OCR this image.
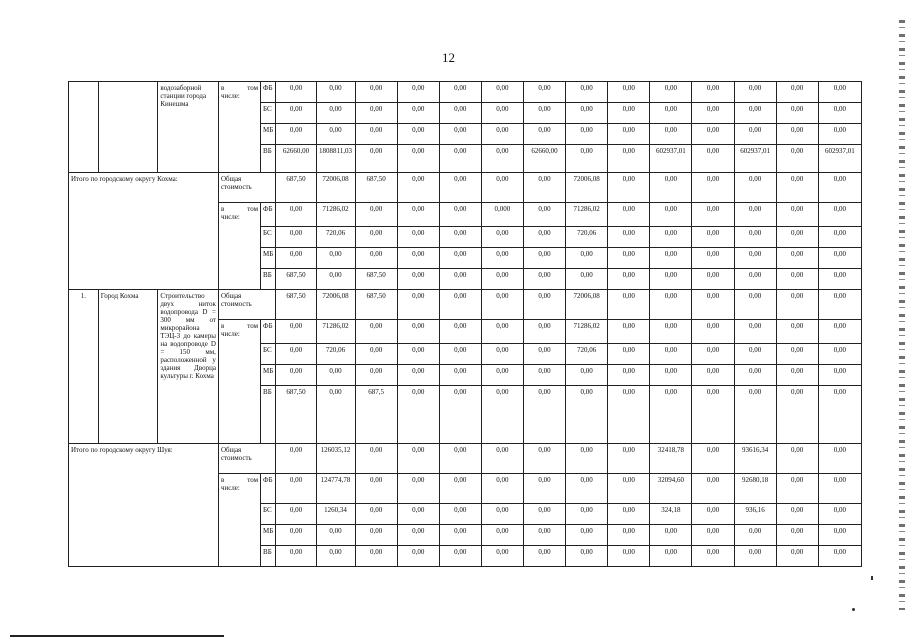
12
		водозаборной станции города Кинешма	в том
числе:	ФБ	0,00	0,00	0,00	0,00	0,00	0,00	0,00	0,00	0,00	0,00	0,00	0,00	0,00	0,00
				БС	0,00	0,00	0,00	0,00	0,00	0,00	0,00	0,00	0,00	0,00	0,00	0,00	0,00	0,00
				МБ	0,00	0,00	0,00	0,00	0,00	0,00	0,00	0,00	0,00	0,00	0,00	0,00	0,00	0,00
				ВБ	62660,00	1808811,03	0,00	0,00	0,00	0,00	62660,00	0,00	0,00	602937,01	0,00	602937,01	0,00	602937,01
Итого по городскому округу Кохма:			Общая стоимость		687,50	72006,08	687,50	0,00	0,00	0,00	0,00	72006,08	0,00	0,00	0,00	0,00	0,00	0,00

			в том
числе:	ФБ	0,00	71286,02	0,00	0,00	0,00	0,000	0,00	71286,02	0,00	0,00	0,00	0,00	0,00	0,00
				БС	0,00	720,06	0,00	0,00	0,00	0,00	0,00	720,06	0,00	0,00	0,00	0,00	0,00	0,00
				МБ	0,00	0,00	0,00	0,00	0,00	0,00	0,00	0,00	0,00	0,00	0,00	0,00	0,00	0,00
				ВБ	687,50	0,00	687,50	0,00	0,00	0,00	0,00	0,00	0,00	0,00	0,00	0,00	0,00	0,00
1.	Город Кохма	Строительство двух ниток водопровода D = 300 мм от микрорайона ТЭЦ-3 до камеры на водопроводе D = 150 мм, расположенной у здания Дворца культуры г. Кохма	Общая стоимость		687,50	72006,08	687,50	0,00	0,00	0,00	0,00	72006,08	0,00	0,00	0,00	0,00	0,00	0,00

			в том
числе:	ФБ	0,00	71286,02	0,00	0,00	0,00	0,00	0,00	71286,02	0,00	0,00	0,00	0,00	0,00	0,00
				БС	0,00	720,06	0,00	0,00	0,00	0,00	0,00	720,06	0,00	0,00	0,00	0,00	0,00	0,00
				МБ	0,00	0,00	0,00	0,00	0,00	0,00	0,00	0,00	0,00	0,00	0,00	0,00	0,00	0,00
				ВБ	687,50	0,00	687,5	0,00	0,00	0,00	0,00	0,00	0,00	0,00	0,00	0,00	0,00	0,00
Итого по городскому округу Шуя:			Общая стоимость		0,00	126035,12	0,00	0,00	0,00	0,00	0,00	0,00	0,00	32418,78	0,00	93616,34	0,00	0,00

			в том
числе:	ФБ	0,00	124774,78	0,00	0,00	0,00	0,00	0,00	0,00	0,00	32094,60	0,00	92680,18	0,00	0,00
				БС	0,00	1260,34	0,00	0,00	0,00	0,00	0,00	0,00	0,00	324,18	0,00	936,16	0,00	0,00
				МБ	0,00	0,00	0,00	0,00	0,00	0,00	0,00	0,00	0,00	0,00	0,00	0,00	0,00	0,00
				ВБ	0,00	0,00	0,00	0,00	0,00	0,00	0,00	0,00	0,00	0,00	0,00	0,00	0,00	0,00
